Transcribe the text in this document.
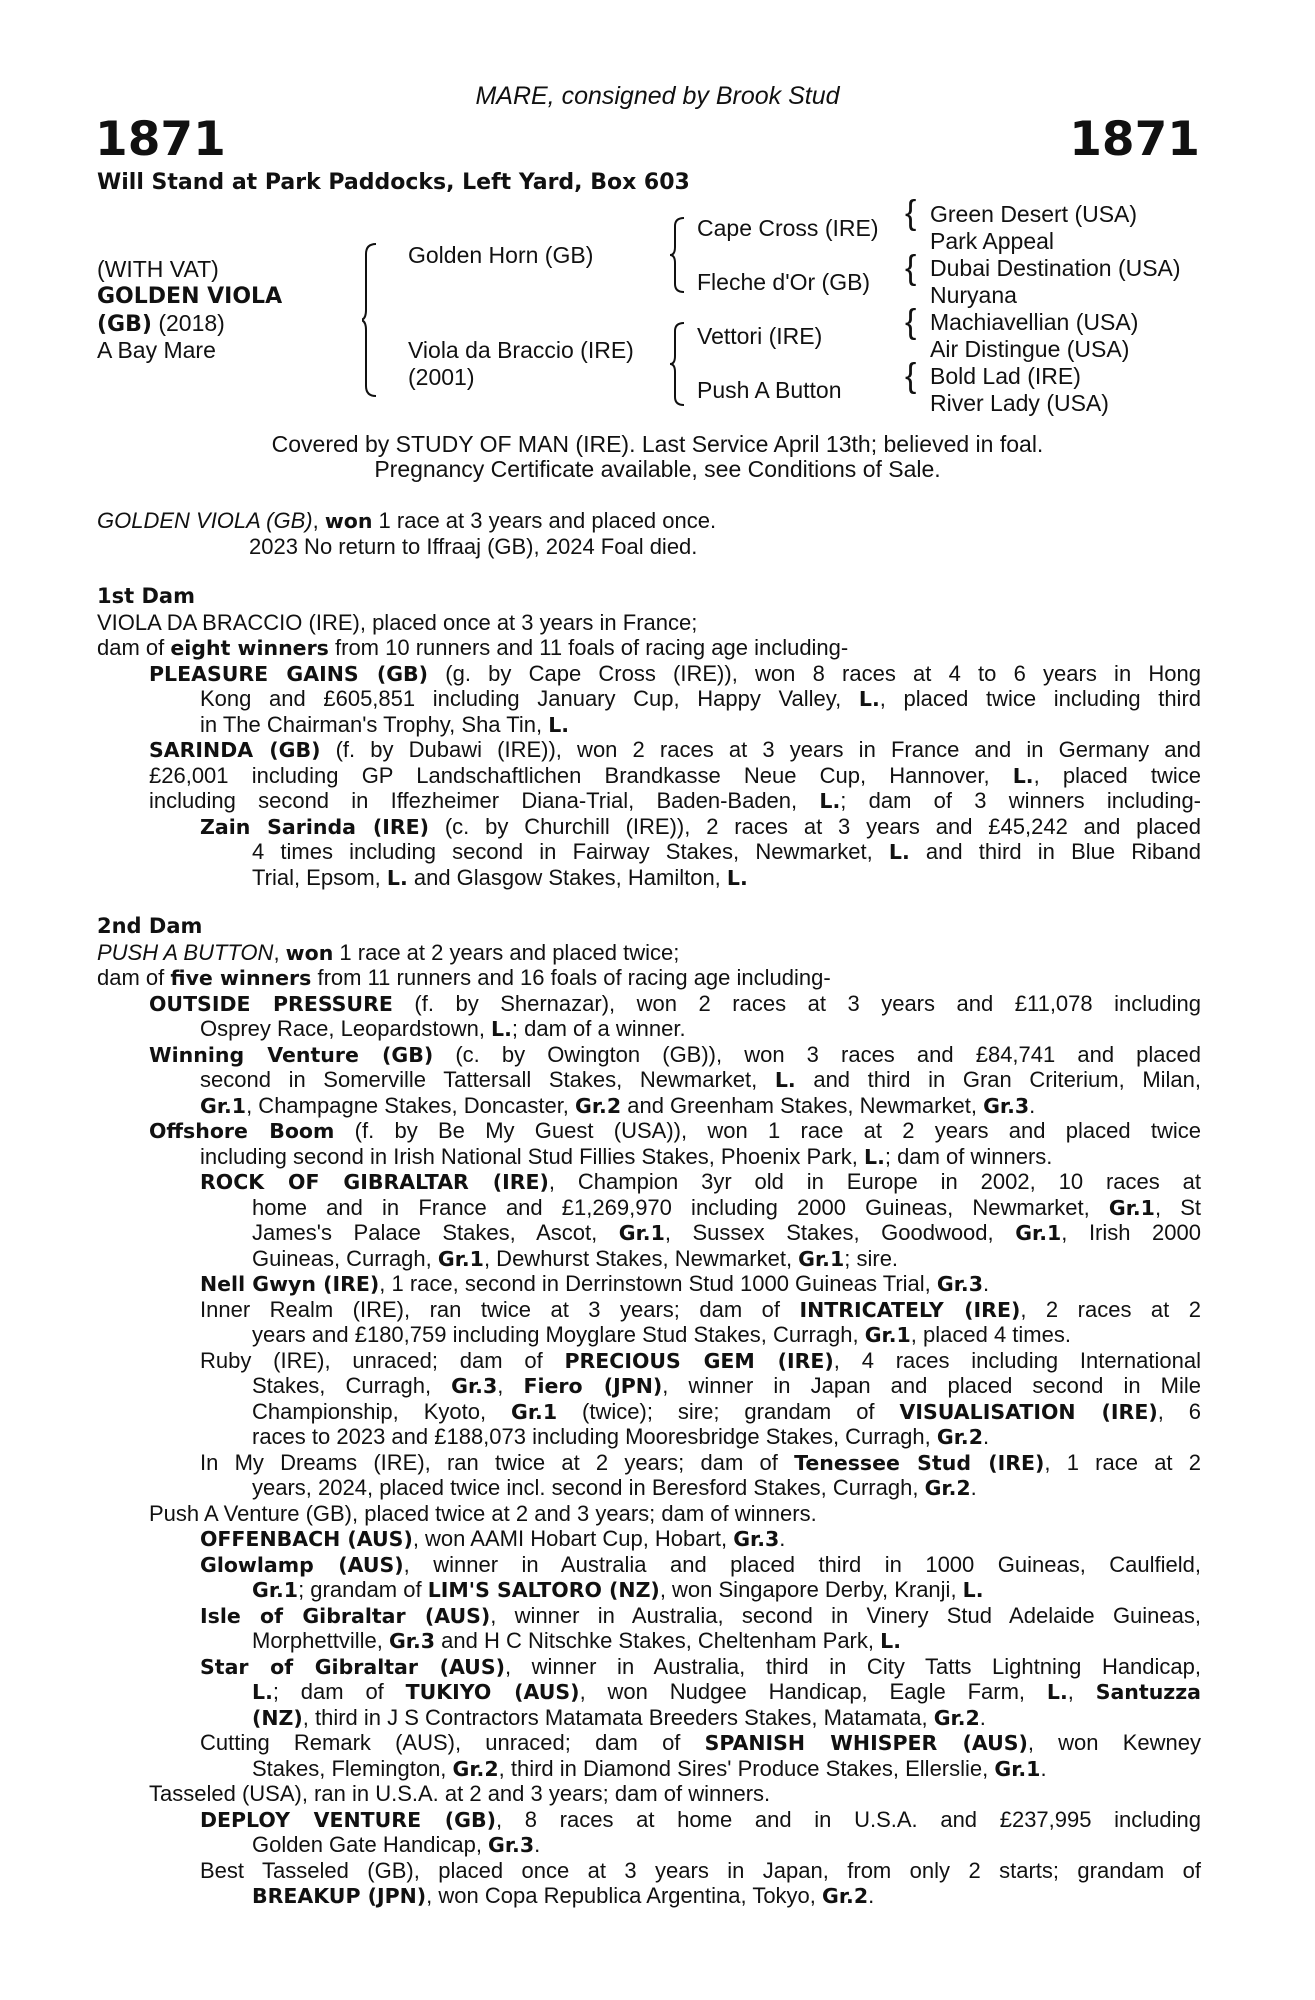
MARE, consigned by Brook Stud
1871	1871
Will Stand at Park Paddocks, Left Yard, Box 603
(WITH VAT)
GOLDEN VIOLA
(GB) (2018)
A Bay Mare
Golden Horn (GB)
Viola da Braccio (IRE)
(2001)
Cape Cross (IRE)
Fleche d'Or (GB)
Vettori (IRE)
Push A Button
{
{
{
{
Green Desert (USA)
Park Appeal
Dubai Destination (USA)
Nuryana
Machiavellian (USA)
Air Distingue (USA)
Bold Lad (IRE)
River Lady (USA)
Covered by STUDY OF MAN (IRE). Last Service April 13th; believed in foal.
Pregnancy Certificate available, see Conditions of Sale.
GOLDEN VIOLA (GB), won 1 race at 3 years and placed once.
2023 No return to Iffraaj (GB), 2024 Foal died.
1st Dam
VIOLA DA BRACCIO (IRE), placed once at 3 years in France;
dam of eight winners from 10 runners and 11 foals of racing age including-
PLEASURE GAINS (GB) (g. by Cape Cross (IRE)), won 8 races at 4 to 6 years in Hong
Kong and £605,851 including January Cup, Happy Valley, L., placed twice including third
in The Chairman's Trophy, Sha Tin, L.
SARINDA (GB) (f. by Dubawi (IRE)), won 2 races at 3 years in France and in Germany and
£26,001 including GP Landschaftlichen Brandkasse Neue Cup, Hannover, L., placed twice
including second in Iffezheimer Diana-Trial, Baden-Baden, L.; dam of 3 winners including-
Zain Sarinda (IRE) (c. by Churchill (IRE)), 2 races at 3 years and £45,242 and placed
4 times including second in Fairway Stakes, Newmarket, L. and third in Blue Riband
Trial, Epsom, L. and Glasgow Stakes, Hamilton, L.
2nd Dam
PUSH A BUTTON, won 1 race at 2 years and placed twice;
dam of five winners from 11 runners and 16 foals of racing age including-
OUTSIDE PRESSURE (f. by Shernazar), won 2 races at 3 years and £11,078 including
Osprey Race, Leopardstown, L.; dam of a winner.
Winning Venture (GB) (c. by Owington (GB)), won 3 races and £84,741 and placed
second in Somerville Tattersall Stakes, Newmarket, L. and third in Gran Criterium, Milan,
Gr.1, Champagne Stakes, Doncaster, Gr.2 and Greenham Stakes, Newmarket, Gr.3.
Offshore Boom (f. by Be My Guest (USA)), won 1 race at 2 years and placed twice
including second in Irish National Stud Fillies Stakes, Phoenix Park, L.; dam of winners.
ROCK OF GIBRALTAR (IRE), Champion 3yr old in Europe in 2002, 10 races at
home and in France and £1,269,970 including 2000 Guineas, Newmarket, Gr.1, St
James's Palace Stakes, Ascot, Gr.1, Sussex Stakes, Goodwood, Gr.1, Irish 2000
Guineas, Curragh, Gr.1, Dewhurst Stakes, Newmarket, Gr.1; sire.
Nell Gwyn (IRE), 1 race, second in Derrinstown Stud 1000 Guineas Trial, Gr.3.
Inner Realm (IRE), ran twice at 3 years; dam of INTRICATELY (IRE), 2 races at 2
years and £180,759 including Moyglare Stud Stakes, Curragh, Gr.1, placed 4 times.
Ruby (IRE), unraced; dam of PRECIOUS GEM (IRE), 4 races including International
Stakes, Curragh, Gr.3, Fiero (JPN), winner in Japan and placed second in Mile
Championship, Kyoto, Gr.1 (twice); sire; grandam of VISUALISATION (IRE), 6
races to 2023 and £188,073 including Mooresbridge Stakes, Curragh, Gr.2.
In My Dreams (IRE), ran twice at 2 years; dam of Tenessee Stud (IRE), 1 race at 2
years, 2024, placed twice incl. second in Beresford Stakes, Curragh, Gr.2.
Push A Venture (GB), placed twice at 2 and 3 years; dam of winners.
OFFENBACH (AUS), won AAMI Hobart Cup, Hobart, Gr.3.
Glowlamp (AUS), winner in Australia and placed third in 1000 Guineas, Caulfield,
Gr.1; grandam of LIM'S SALTORO (NZ), won Singapore Derby, Kranji, L.
Isle of Gibraltar (AUS), winner in Australia, second in Vinery Stud Adelaide Guineas,
Morphettville, Gr.3 and H C Nitschke Stakes, Cheltenham Park, L.
Star of Gibraltar (AUS), winner in Australia, third in City Tatts Lightning Handicap,
L.; dam of TUKIYO (AUS), won Nudgee Handicap, Eagle Farm, L., Santuzza
(NZ), third in J S Contractors Matamata Breeders Stakes, Matamata, Gr.2.
Cutting Remark (AUS), unraced; dam of SPANISH WHISPER (AUS), won Kewney
Stakes, Flemington, Gr.2, third in Diamond Sires' Produce Stakes, Ellerslie, Gr.1.
Tasseled (USA), ran in U.S.A. at 2 and 3 years; dam of winners.
DEPLOY VENTURE (GB), 8 races at home and in U.S.A. and £237,995 including
Golden Gate Handicap, Gr.3.
Best Tasseled (GB), placed once at 3 years in Japan, from only 2 starts; grandam of
BREAKUP (JPN), won Copa Republica Argentina, Tokyo, Gr.2.
